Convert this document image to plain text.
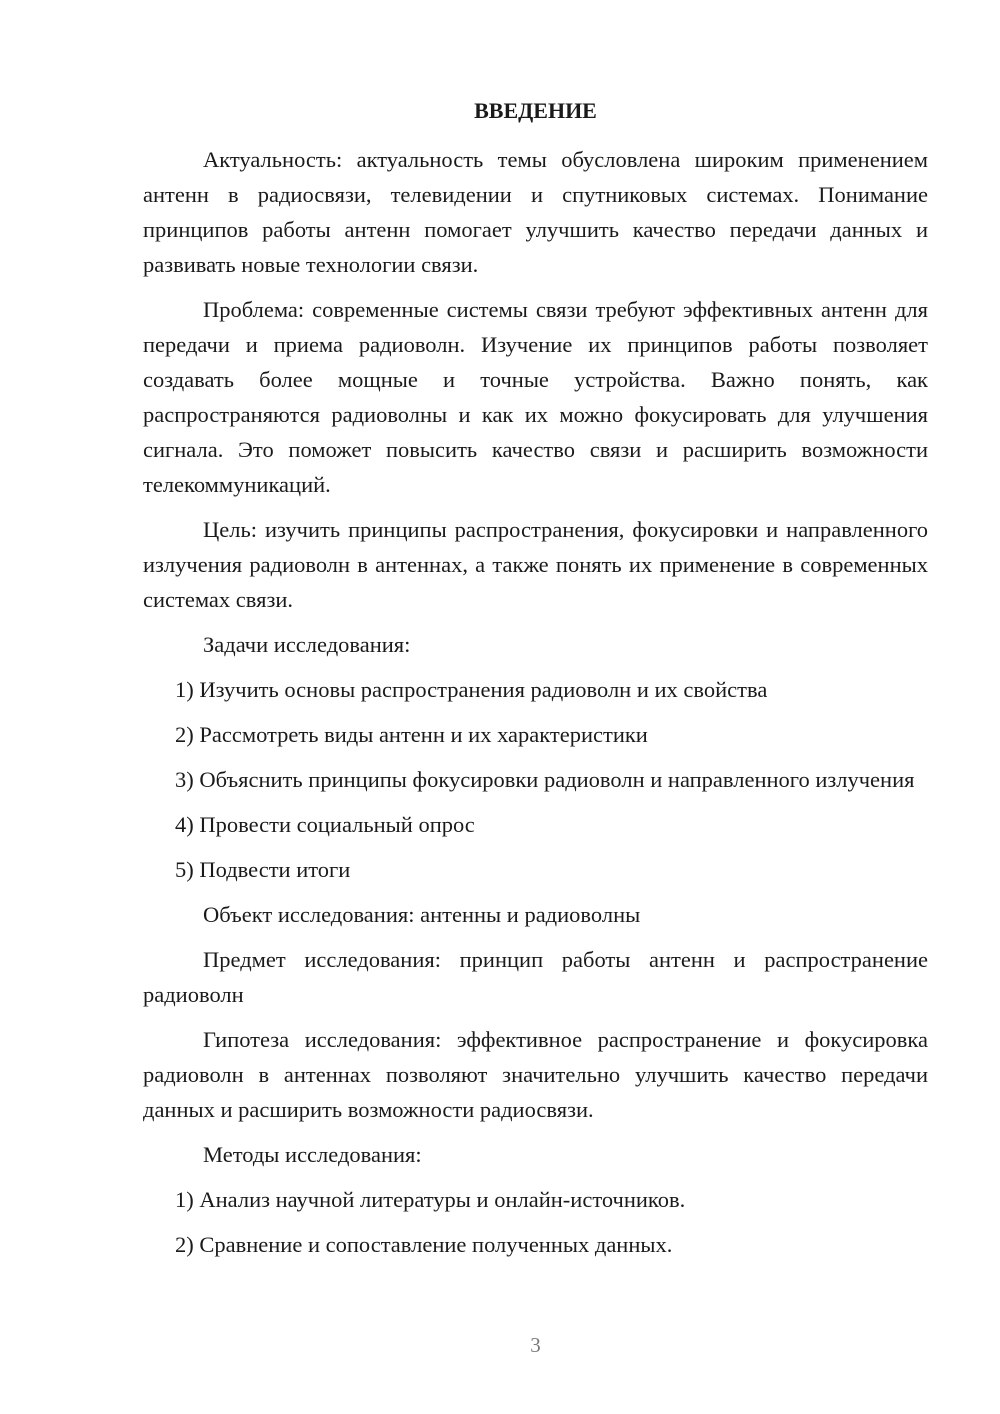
ВВЕДЕНИЕ

Актуальность: актуальность темы обусловлена широким применением антенн в радиосвязи, телевидении и спутниковых системах. Понимание принципов работы антенн помогает улучшить качество передачи данных и развивать новые технологии связи.

Проблема: современные системы связи требуют эффективных антенн для передачи и приема радиоволн. Изучение их принципов работы позволяет создавать более мощные и точные устройства. Важно понять, как распространяются радиоволны и как их можно фокусировать для улучшения сигнала. Это поможет повысить качество связи и расширить возможности телекоммуникаций.

Цель: изучить принципы распространения, фокусировки и направленного излучения радиоволн в антеннах, а также понять их применение в современных системах связи.

Задачи исследования:

1) Изучить основы распространения радиоволн и их свойства

2) Рассмотреть виды антенн и их характеристики

3) Объяснить принципы фокусировки радиоволн и направленного излучения

4) Провести социальный опрос

5) Подвести итоги

Объект исследования: антенны и радиоволны

Предмет исследования: принцип работы антенн и распространение радиоволн

Гипотеза исследования: эффективное распространение и фокусировка радиоволн в антеннах позволяют значительно улучшить качество передачи данных и расширить возможности радиосвязи.

Методы исследования:

1) Анализ научной литературы и онлайн-источников.

2) Сравнение и сопоставление полученных данных.

3
